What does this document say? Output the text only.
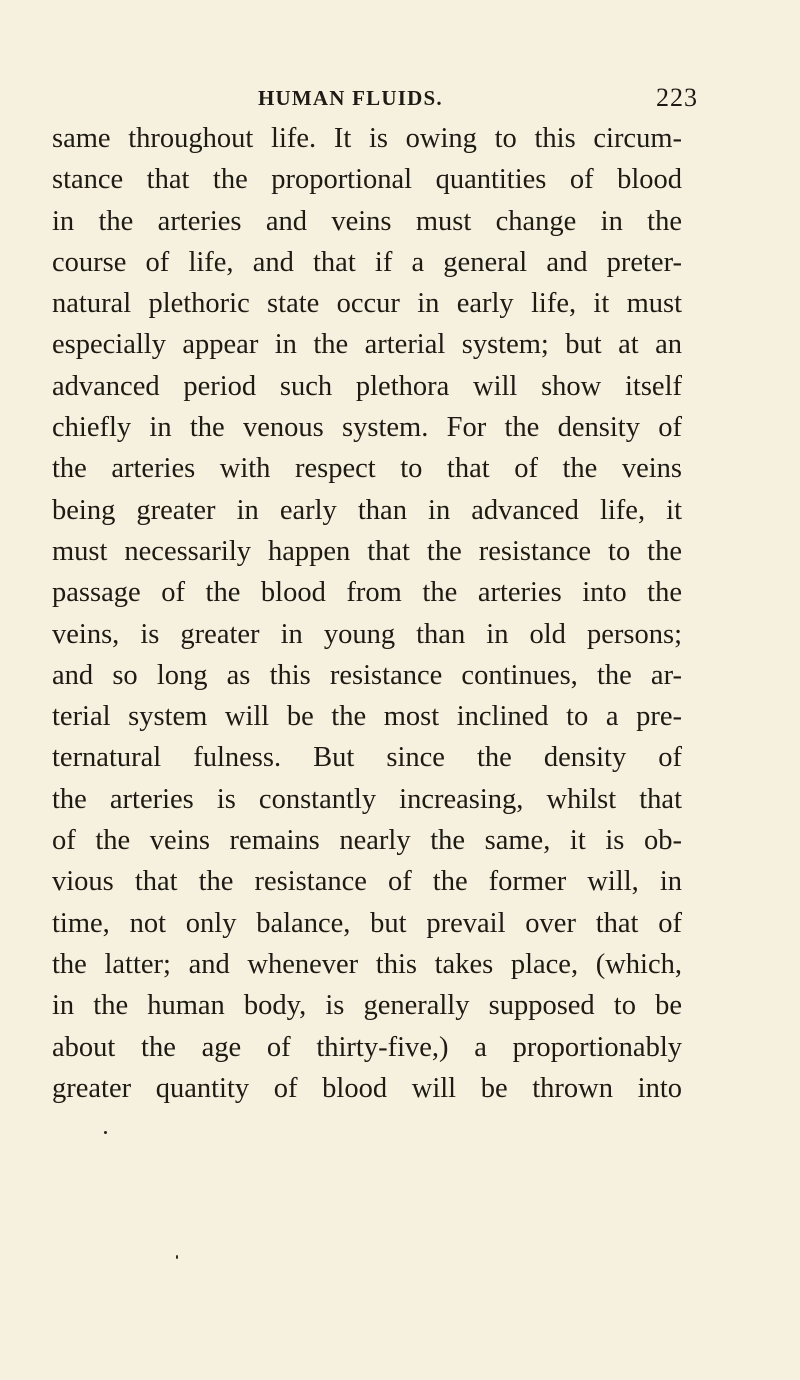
HUMAN FLUIDS.	223
same throughout life. It is owing to this circum-
stance that the proportional quantities of blood
in the arteries and veins must change in the
course of life, and that if a general and preter-
natural plethoric state occur in early life, it must
especially appear in the arterial system; but at an
advanced period such plethora will show itself
chiefly in the venous system. For the density of
the arteries with respect to that of the veins
being greater in early than in advanced life, it
must necessarily happen that the resistance to the
passage of the blood from the arteries into the
veins, is greater in young than in old persons;
and so long as this resistance continues, the ar-
terial system will be the most inclined to a pre-
ternatural fulness. But since the density of
the arteries is constantly increasing, whilst that
of the veins remains nearly the same, it is ob-
vious that the resistance of the former will, in
time, not only balance, but prevail over that of
the latter; and whenever this takes place, (which,
in the human body, is generally supposed to be
about the age of thirty-five,) a proportionably
greater quantity of blood will be thrown into
